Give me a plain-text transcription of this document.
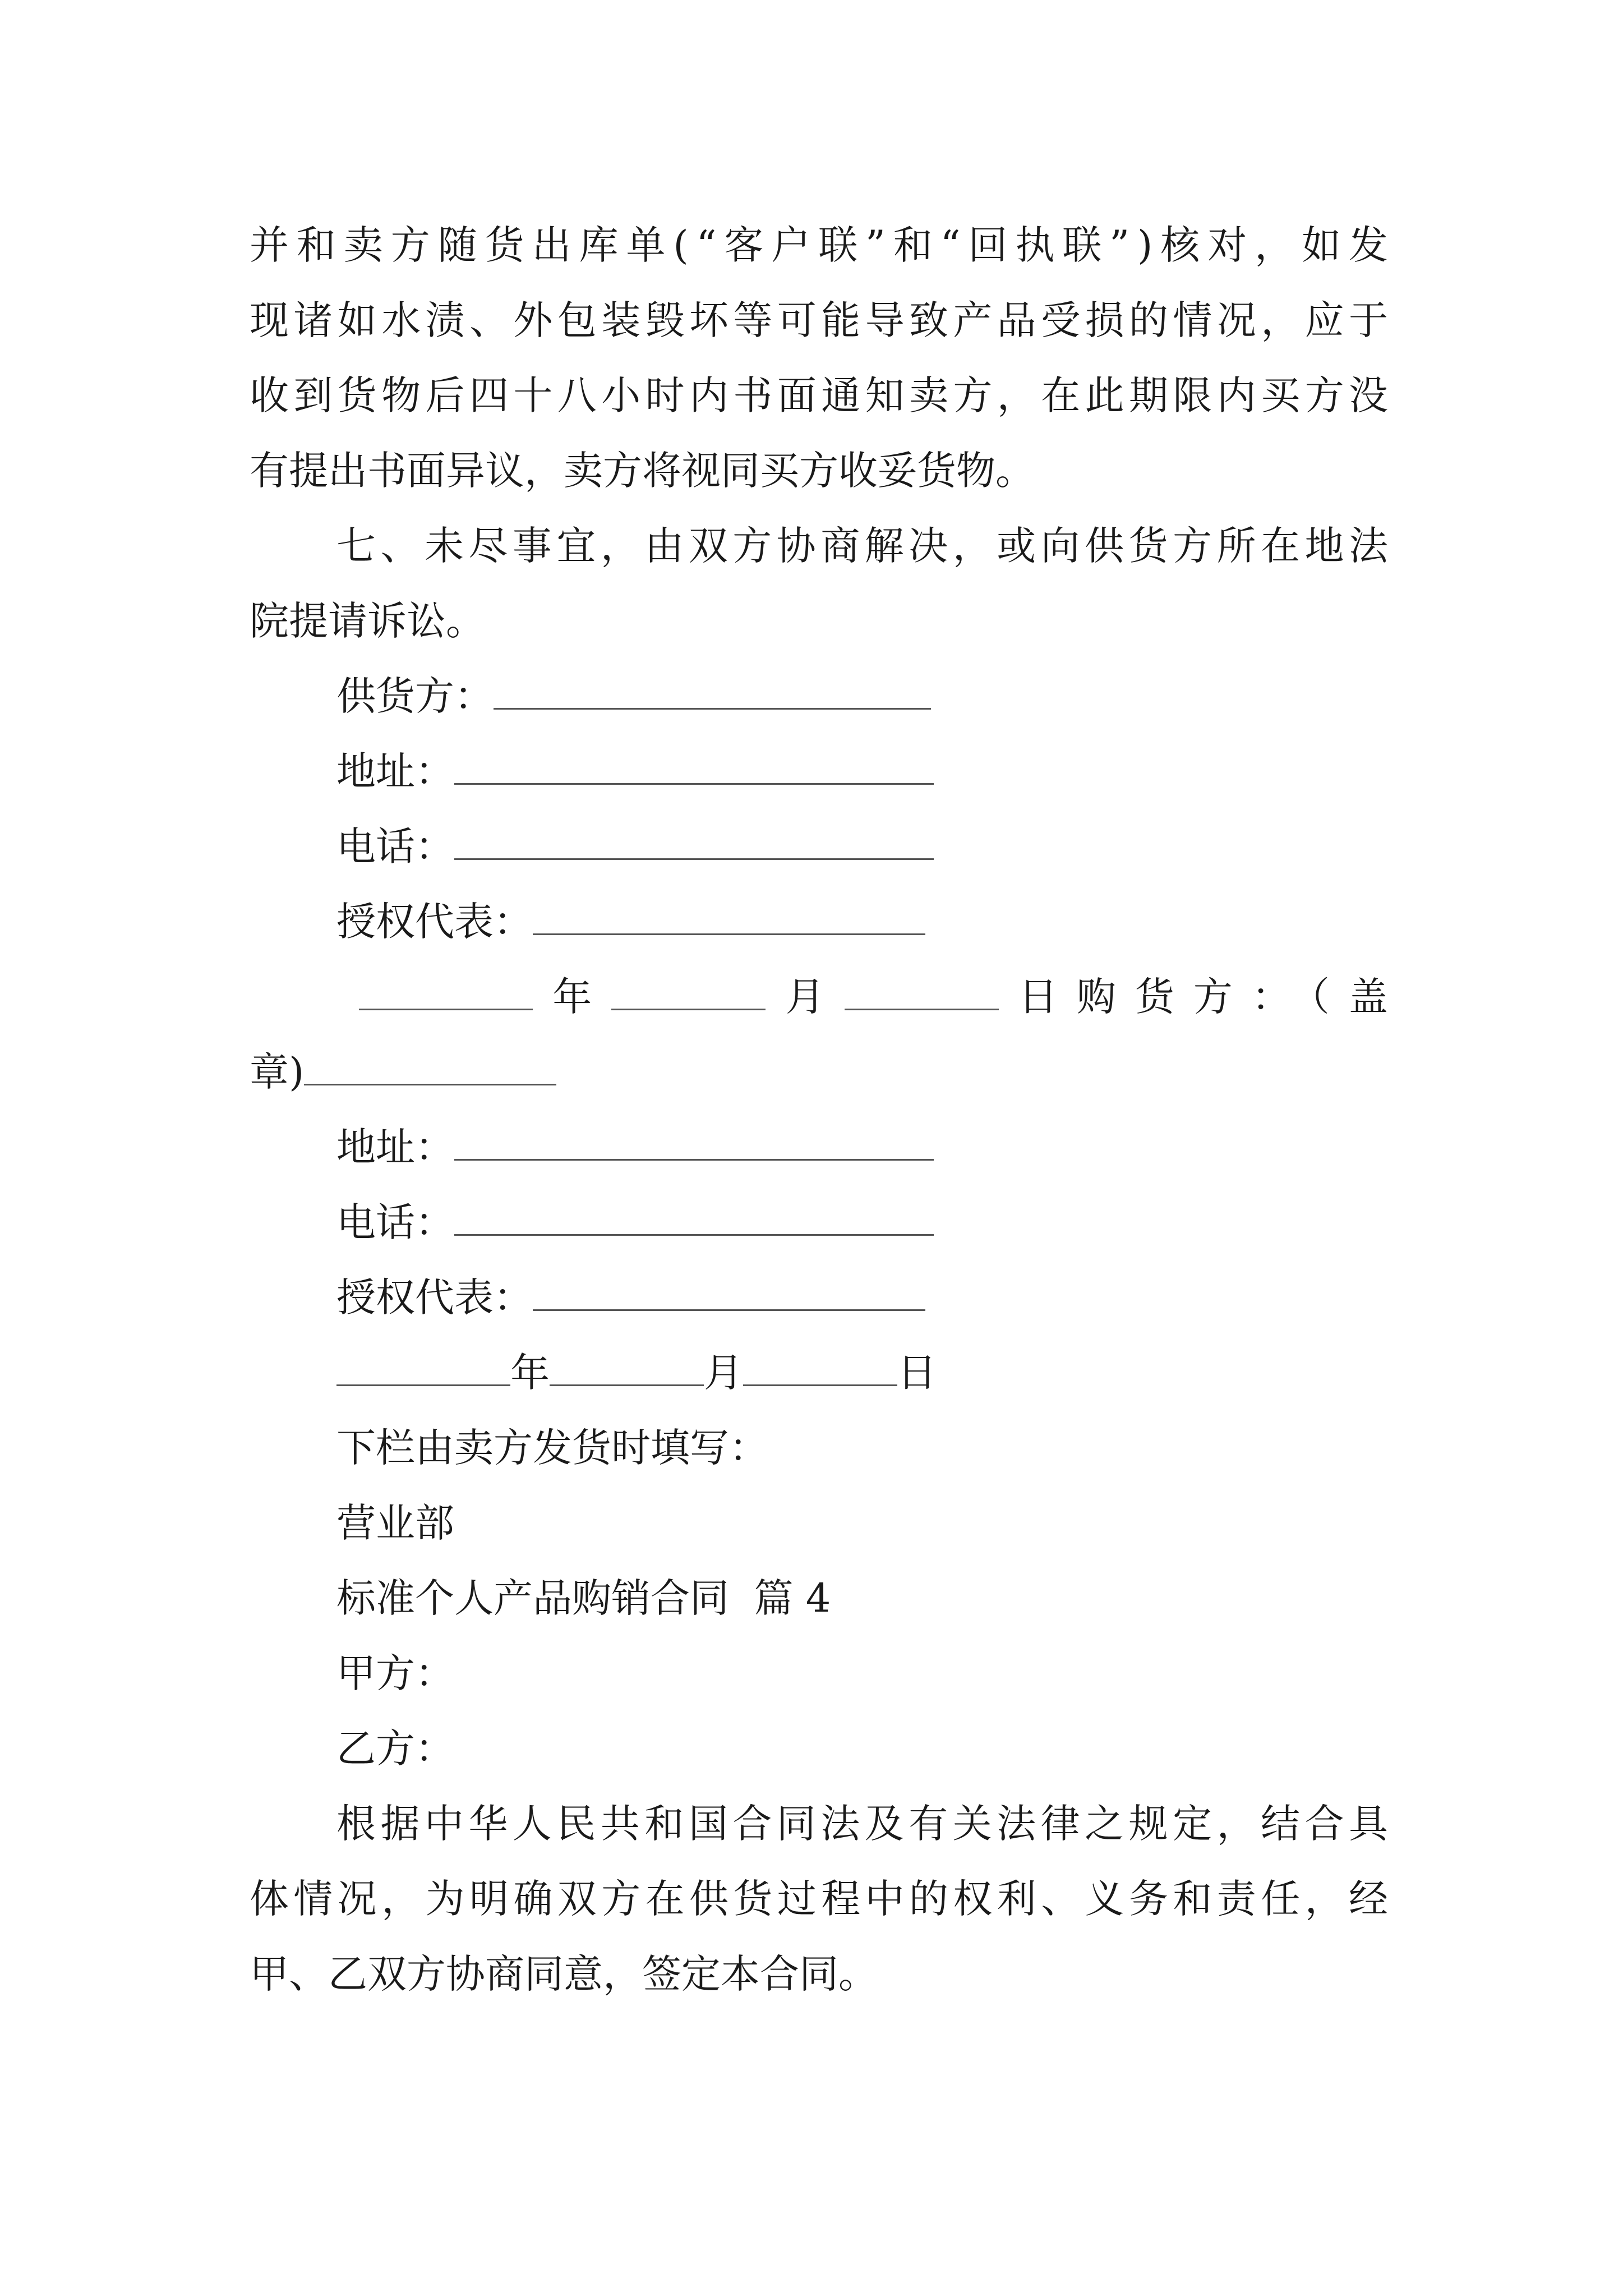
并和卖方随货出库单(“客户联”和“回执联”)核对，如发
现诸如水渍、外包装毁坏等可能导致产品受损的情况，应于
收到货物后四十八小时内书面通知卖方，在此期限内买方没
有提出书面异议，卖方将视同买方收妥货物。
七、未尽事宜，由双方协商解决，或向供货方所在地法
院提请诉讼。
供货方：
地址：
电话：
授权代表：
年	月	日购货方：（盖
章)
地址：
电话：
授权代表：
年	月	日
下栏由卖方发货时填写：
营业部
标准个人产品购销合同  篇 4
甲方：
乙方：
根据中华人民共和国合同法及有关法律之规定，结合具
体情况，为明确双方在供货过程中的权利、义务和责任，经
甲、乙双方协商同意，签定本合同。
